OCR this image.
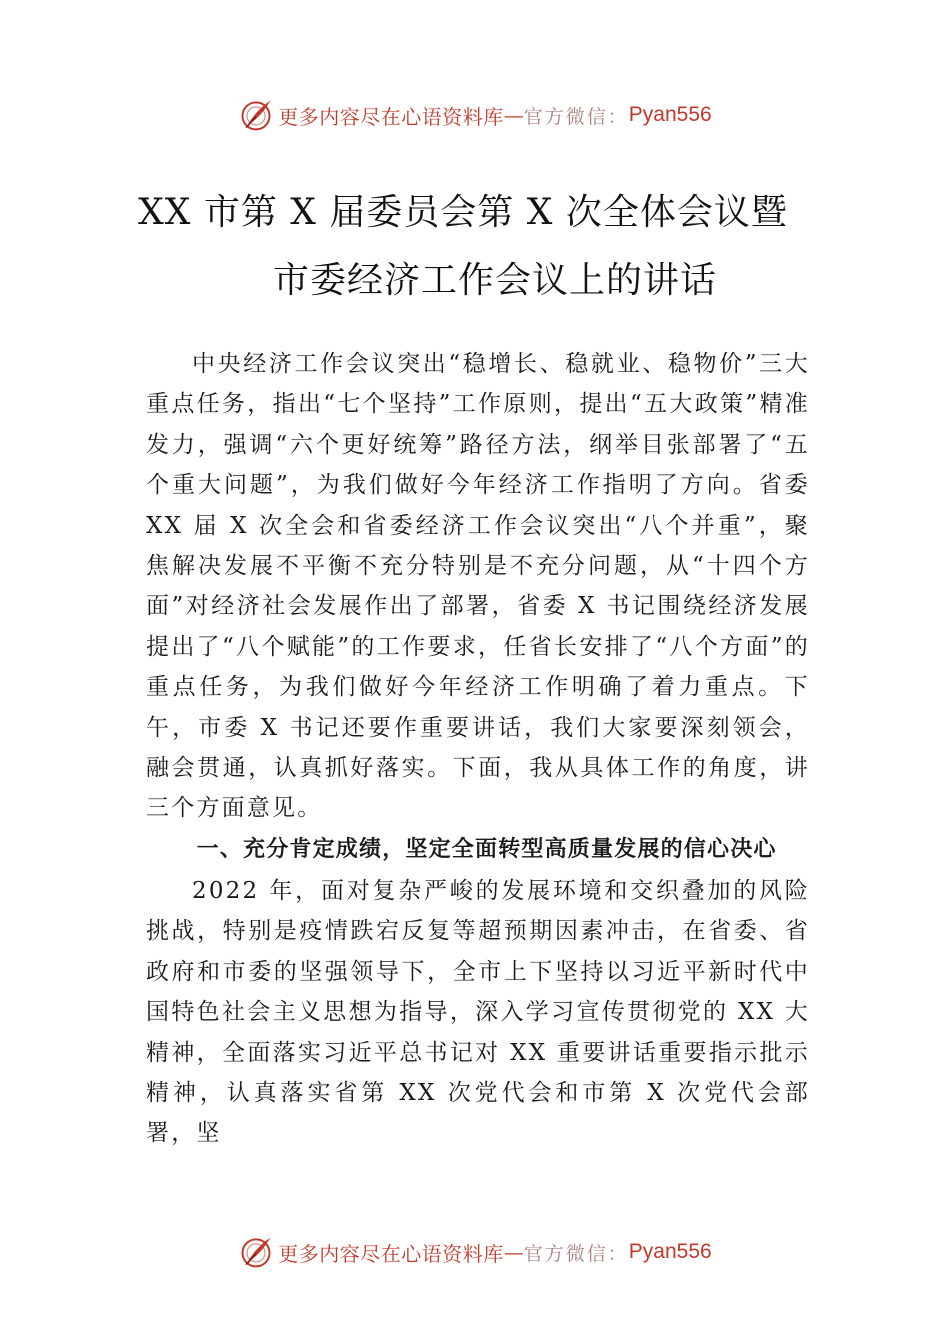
更多内容尽在心语资料库 — 官方微信： Pyan556
XX 市第 X 届委员会第 X 次全体会议暨
市委经济工作会议上的讲话

中央经济工作会议突出“稳增长、稳就业、稳物价”三大重点任务，指出“七个坚持”工作原则，提出“五大政策”精准发力，强调“六个更好统筹”路径方法，纲举目张部署了“五个重大问题”，为我们做好今年经济工作指明了方向。省委 XX 届 X 次全会和省委经济工作会议突出“八个并重”，聚焦解决发展不平衡不充分特别是不充分问题，从“十四个方面”对经济社会发展作出了部署，省委 X 书记围绕经济发展提出了“八个赋能”的工作要求，任省长安排了“八个方面”的重点任务，为我们做好今年经济工作明确了着力重点。下午，市委 X 书记还要作重要讲话，我们大家要深刻领会， 融会贯通，认真抓好落实。下面，我从具体工作的角度，讲三个方面意见。

一、充分肯定成绩，坚定全面转型高质量发展的信心决心

2022 年，面对复杂严峻的发展环境和交织叠加的风险挑战，特别是疫情跌宕反复等超预期因素冲击，在省委、省政府和市委的坚强领导下，全市上下坚持以习近平新时代中国特色社会主义思想为指导，深入学习宣传贯彻党的 XX 大精神，全面落实习近平总书记对 XX 重要讲话重要指示批示精神，认真落实省第 XX 次党代会和市第 X 次党代会部署，坚

更多内容尽在心语资料库 — 官方微信： Pyan556
